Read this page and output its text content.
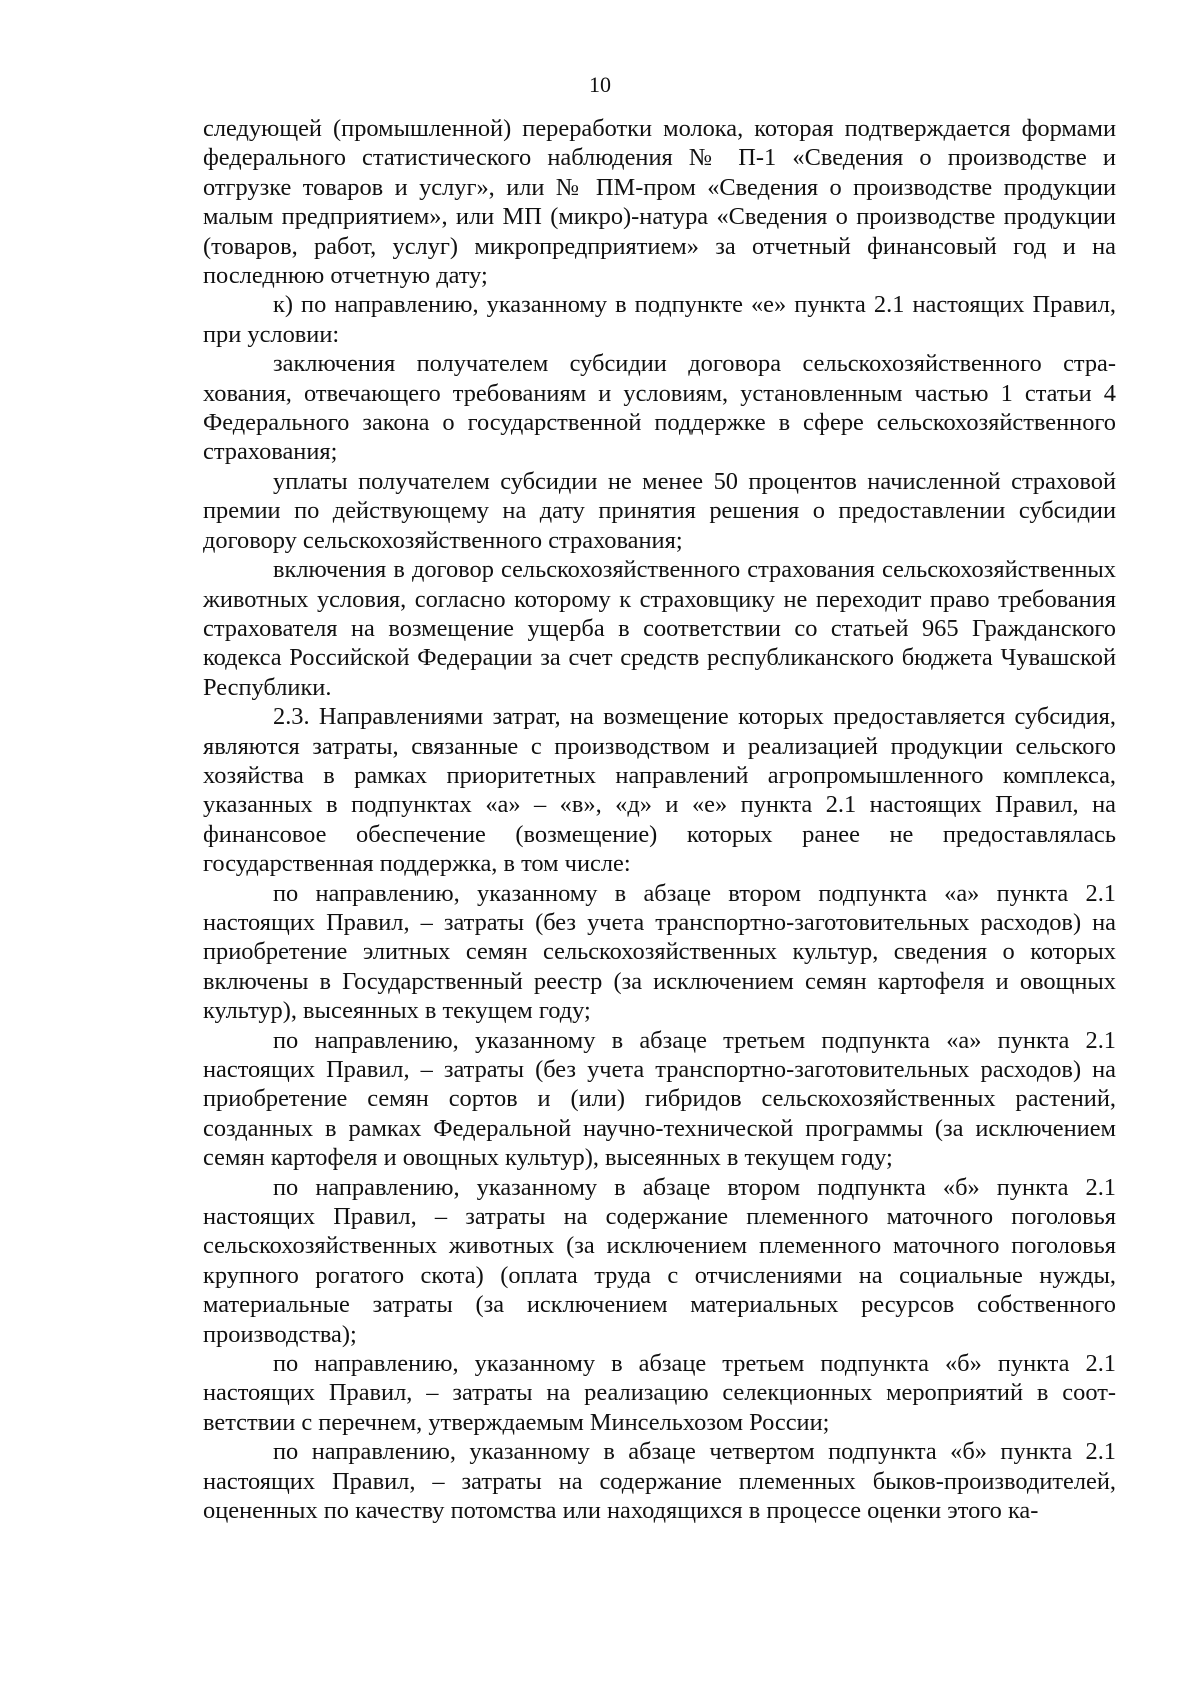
10

следующей (промышленной) переработки молока, которая подтверждается формами федерального статистического наблюдения № П-1 «Сведения о производстве и отгрузке товаров и услуг», или № ПМ-пром «Сведения о производстве продукции малым предприятием», или МП (микро)-натура «Сведения о производстве продукции (товаров, работ, услуг) микропредприятием» за отчетный финансовый год и на последнюю отчетную дату;

к) по направлению, указанному в подпункте «е» пункта 2.1 настоящих Правил, при условии:

заключения получателем субсидии договора сельскохозяйственного страхования, отвечающего требованиям и условиям, установленным частью 1 статьи 4 Федерального закона о государственной поддержке в сфере сельскохозяйственного страхования;

уплаты получателем субсидии не менее 50 процентов начисленной страховой премии по действующему на дату принятия решения о предоставлении субсидии договору сельскохозяйственного страхования;

включения в договор сельскохозяйственного страхования сельскохозяйственных животных условия, согласно которому к страховщику не переходит право требования страхователя на возмещение ущерба в соответствии со статьей 965 Гражданского кодекса Российской Федерации за счет средств республиканского бюджета Чувашской Республики.

2.3. Направлениями затрат, на возмещение которых предоставляется субсидия, являются затраты, связанные с производством и реализацией продукции сельского хозяйства в рамках приоритетных направлений агропромышленного комплекса, указанных в подпунктах «а» – «в», «д» и «е» пункта 2.1 настоящих Правил, на финансовое обеспечение (возмещение) которых ранее не предоставлялась государственная поддержка, в том числе:

по направлению, указанному в абзаце втором подпункта «а» пункта 2.1 настоящих Правил, – затраты (без учета транспортно-заготовительных расходов) на приобретение элитных семян сельскохозяйственных культур, сведения о которых включены в Государственный реестр (за исключением семян картофеля и овощных культур), высеянных в текущем году;

по направлению, указанному в абзаце третьем подпункта «а» пункта 2.1 настоящих Правил, – затраты (без учета транспортно-заготовительных расходов) на приобретение семян сортов и (или) гибридов сельскохозяйственных растений, созданных в рамках Федеральной научно-технической программы (за исключением семян картофеля и овощных культур), высеянных в текущем году;

по направлению, указанному в абзаце втором подпункта «б» пункта 2.1 настоящих Правил, – затраты на содержание племенного маточного поголовья сельскохозяйственных животных (за исключением племенного маточного поголовья крупного рогатого скота) (оплата труда с отчислениями на социальные нужды, материальные затраты (за исключением материальных ресурсов собственного производства);

по направлению, указанному в абзаце третьем подпункта «б» пункта 2.1 настоящих Правил, – затраты на реализацию селекционных мероприятий в соответствии с перечнем, утверждаемым Минсельхозом России;

по направлению, указанному в абзаце четвертом подпункта «б» пункта 2.1 настоящих Правил, – затраты на содержание племенных быков-производителей, оцененных по качеству потомства или находящихся в процессе оценки этого ка-
